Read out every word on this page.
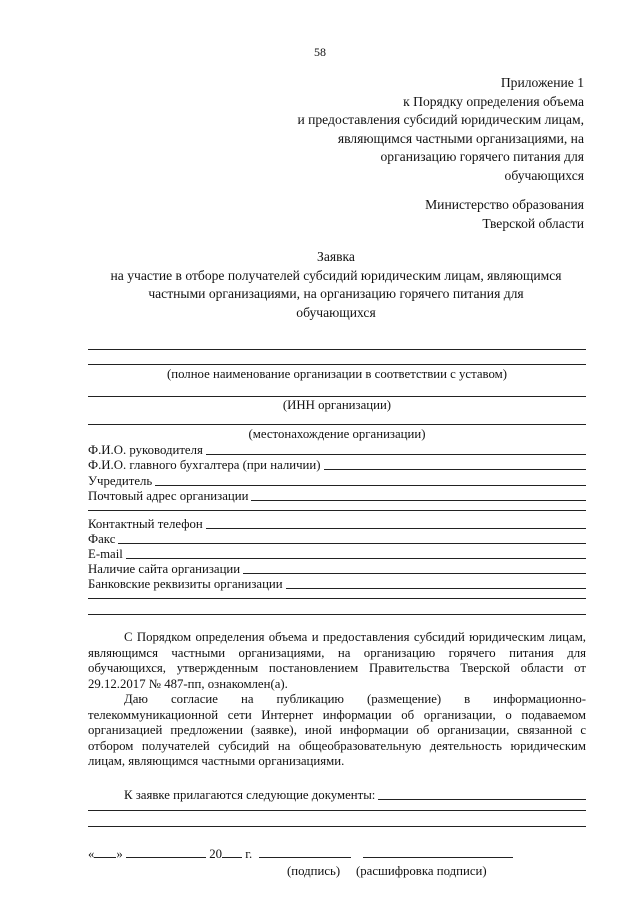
58
Приложение 1
к Порядку определения объема
и предоставления субсидий юридическим лицам,
являющимся частными организациями, на
организацию горячего питания для
обучающихся
Министерство образования
Тверской области
Заявка
на участие в отборе получателей субсидий юридическим лицам, являющимся
частными организациями, на организацию горячего питания для
обучающихся
(полное наименование организации в соответствии с уставом)
(ИНН организации)
(местонахождение организации)
Ф.И.О. руководителя
Ф.И.О. главного бухгалтера (при наличии)
Учредитель
Почтовый адрес организации
Контактный телефон
Факс
E-mail
Наличие сайта организации
Банковские реквизиты организации
С Порядком определения объема и предоставления субсидий юридическим лицам, являющимся частными организациями, на организацию горячего питания для обучающихся, утвержденным постановлением Правительства Тверской области от 29.12.2017 № 487-пп, ознакомлен(а).
Даю согласие на публикацию (размещение) в информационно-телекоммуникационной сети Интернет информации об организации, о подаваемом организацией предложении (заявке), иной информации об организации, связанной с отбором получателей субсидий на общеобразовательную деятельность юридическим лицам, являющимся частными организациями.
К заявке прилагаются следующие документы:
« »	20 г.
(подпись) (расшифровка подписи)
